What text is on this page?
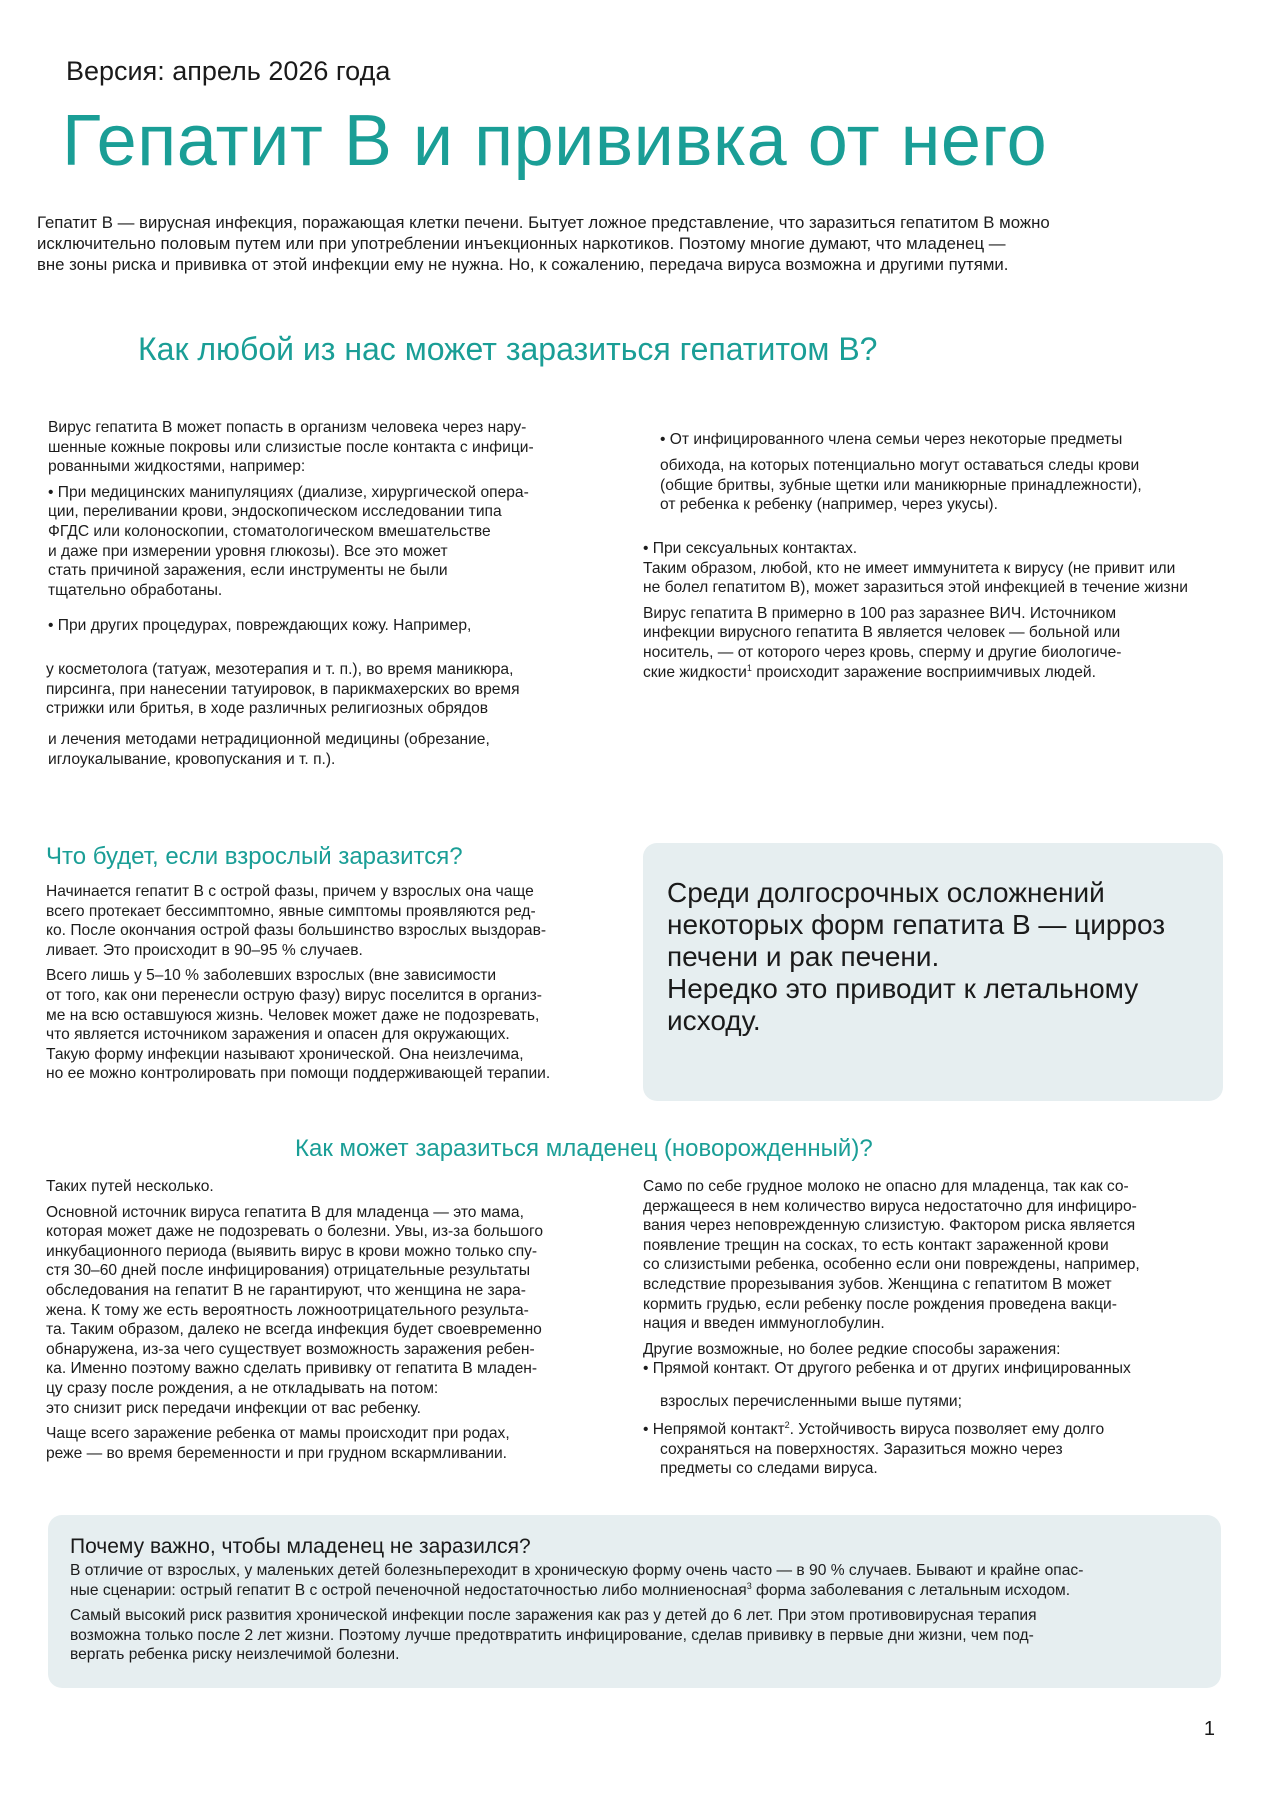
Версия: апрель 2026 года
Гепатит В и прививка от него
Гепатит В — вирусная инфекция, поражающая клетки печени. Бытует ложное представление, что заразиться гепатитом В можно
исключительно половым путем или при употреблении инъекционных наркотиков. Поэтому многие думают, что младенец —
вне зоны риска и прививка от этой инфекции ему не нужна. Но, к сожалению, передача вируса возможна и другими путями.
Как любой из нас может заразиться гепатитом В?
Вирус гепатита В может попасть в организм человека через нару-
шенные кожные покровы или слизистые после контакта с инфици-
рованными жидкостями, например:
• При медицинских манипуляциях (диализе, хирургической опера-
ции, переливании крови, эндоскопическом исследовании типа
ФГДС или колоноскопии, стоматологическом вмешательстве
и даже при измерении уровня глюкозы). Все это может
стать причиной заражения, если инструменты не были
тщательно обработаны.
• При других процедурах, повреждающих кожу. Например,
у косметолога (татуаж, мезотерапия и т. п.), во время маникюра,
пирсинга, при нанесении татуировок, в парикмахерских во время
стрижки или бритья, в ходе различных религиозных обрядов
и лечения методами нетрадиционной медицины (обрезание,
иглоукалывание, кровопускания и т. п.).
• От инфицированного члена семьи через некоторые предметы
обихода, на которых потенциально могут оставаться следы крови
(общие бритвы, зубные щетки или маникюрные принадлежности),
от ребенка к ребенку (например, через укусы).
• При сексуальных контактах.
Таким образом, любой, кто не имеет иммунитета к вирусу (не привит или
не болел гепатитом В), может заразиться этой инфекцией в течение жизни
Вирус гепатита В примерно в 100 раз заразнее ВИЧ. Источником
инфекции вирусного гепатита В является человек — больной или
носитель, — от которого через кровь, сперму и другие биологиче-
ские жидкости$^1$ происходит заражение восприимчивых людей.
Что будет, если взрослый заразится?
Начинается гепатит В с острой фазы, причем у взрослых она чаще
всего протекает бессимптомно, явные симптомы проявляются ред-
ко. После окончания острой фазы большинство взрослых выздорав-
ливает. Это происходит в 90–95 % случаев.
Всего лишь у 5–10 % заболевших взрослых (вне зависимости
от того, как они перенесли острую фазу) вирус поселится в организ-
ме на всю оставшуюся жизнь. Человек может даже не подозревать,
что является источником заражения и опасен для окружающих.
Такую форму инфекции называют хронической. Она неизлечима,
но ее можно контролировать при помощи поддерживающей терапии.
Среди долгосрочных осложнений
некоторых форм гепатита В — цирроз
печени и рак печени.
Нередко это приводит к летальному
исходу.
Как может заразиться младенец (новорожденный)?
Таких путей несколько.
Основной источник вируса гепатита В для младенца — это мама,
которая может даже не подозревать о болезни. Увы, из-за большого
инкубационного периода (выявить вирус в крови можно только спу-
стя 30–60 дней после инфицирования) отрицательные результаты
обследования на гепатит В не гарантируют, что женщина не зара-
жена. К тому же есть вероятность ложноотрицательного результа-
та. Таким образом, далеко не всегда инфекция будет своевременно
обнаружена, из-за чего существует возможность заражения ребен-
ка. Именно поэтому важно сделать прививку от гепатита В младен-
цу сразу после рождения, а не откладывать на потом:
это снизит риск передачи инфекции от вас ребенку.
Чаще всего заражение ребенка от мамы происходит при родах,
реже — во время беременности и при грудном вскармливании.
Само по себе грудное молоко не опасно для младенца, так как со-
держащееся в нем количество вируса недостаточно для инфициро-
вания через неповрежденную слизистую. Фактором риска является
появление трещин на сосках, то есть контакт зараженной крови
со слизистыми ребенка, особенно если они повреждены, например,
вследствие прорезывания зубов. Женщина с гепатитом В может
кормить грудью, если ребенку после рождения проведена вакци-
нация и введен иммуноглобулин.
Другие возможные, но более редкие способы заражения:
• Прямой контакт. От другого ребенка и от других инфицированных
взрослых перечисленными выше путями;
• Непрямой контакт$^2$. Устойчивость вируса позволяет ему долго
сохраняться на поверхностях. Заразиться можно через
предметы со следами вируса.
Почему важно, чтобы младенец не заразился?
В отличие от взрослых, у маленьких детей болезньпереходит в хроническую форму очень часто — в 90 % случаев. Бывают и крайне опас-
ные сценарии: острый гепатит В с острой печеночной недостаточностью либо молниеносная$^3$ форма заболевания с летальным исходом.
Самый высокий риск развития хронической инфекции после заражения как раз у детей до 6 лет. При этом противовирусная терапия
возможна только после 2 лет жизни. Поэтому лучше предотвратить инфицирование, сделав прививку в первые дни жизни, чем под-
вергать ребенка риску неизлечимой болезни.
1
